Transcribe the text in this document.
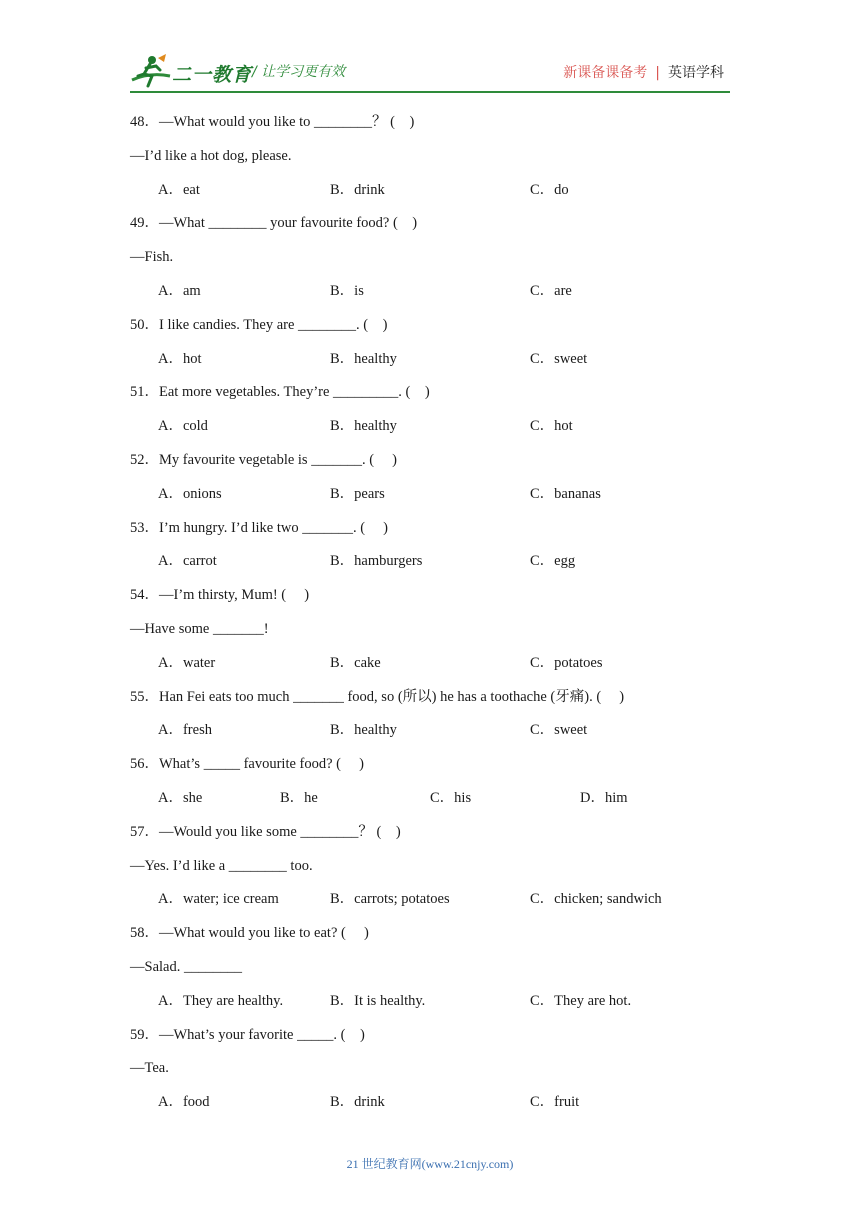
二一教育 / 让学习更有效	新课备课备考 | 英语学科
48．—What would you like to ________？ (    )
—I’d like a hot dog, please.
A．eat	B．drink	C．do
49．—What ________ your favourite food? (    )
—Fish.
A．am	B．is	C．are
50．I like candies. They are ________. (    )
A．hot	B．healthy	C．sweet
51．Eat more vegetables. They’re _________. (    )
A．cold	B．healthy	C．hot
52．My favourite vegetable is _______. (     )
A．onions	B．pears	C．bananas
53．I’m hungry. I’d like two _______. (     )
A．carrot	B．hamburgers	C．egg
54．—I’m thirsty, Mum! (     )
—Have some _______!
A．water	B．cake	C．potatoes
55．Han Fei eats too much _______ food, so (所以) he has a toothache (牙痛). (     )
A．fresh	B．healthy	C．sweet
56．What’s _____ favourite food? (     )
A．she	B．he	C．his	D．him
57．—Would you like some ________？ (    )
—Yes. I’d like a ________ too.
A．water; ice cream	B．carrots; potatoes	C．chicken; sandwich
58．—What would you like to eat? (     )
—Salad. ________
A．They are healthy.	B．It is healthy.	C．They are hot.
59．—What’s your favorite _____. (    )
—Tea.
A．food	B．drink	C．fruit
21 世纪教育网(www.21cnjy.com)
